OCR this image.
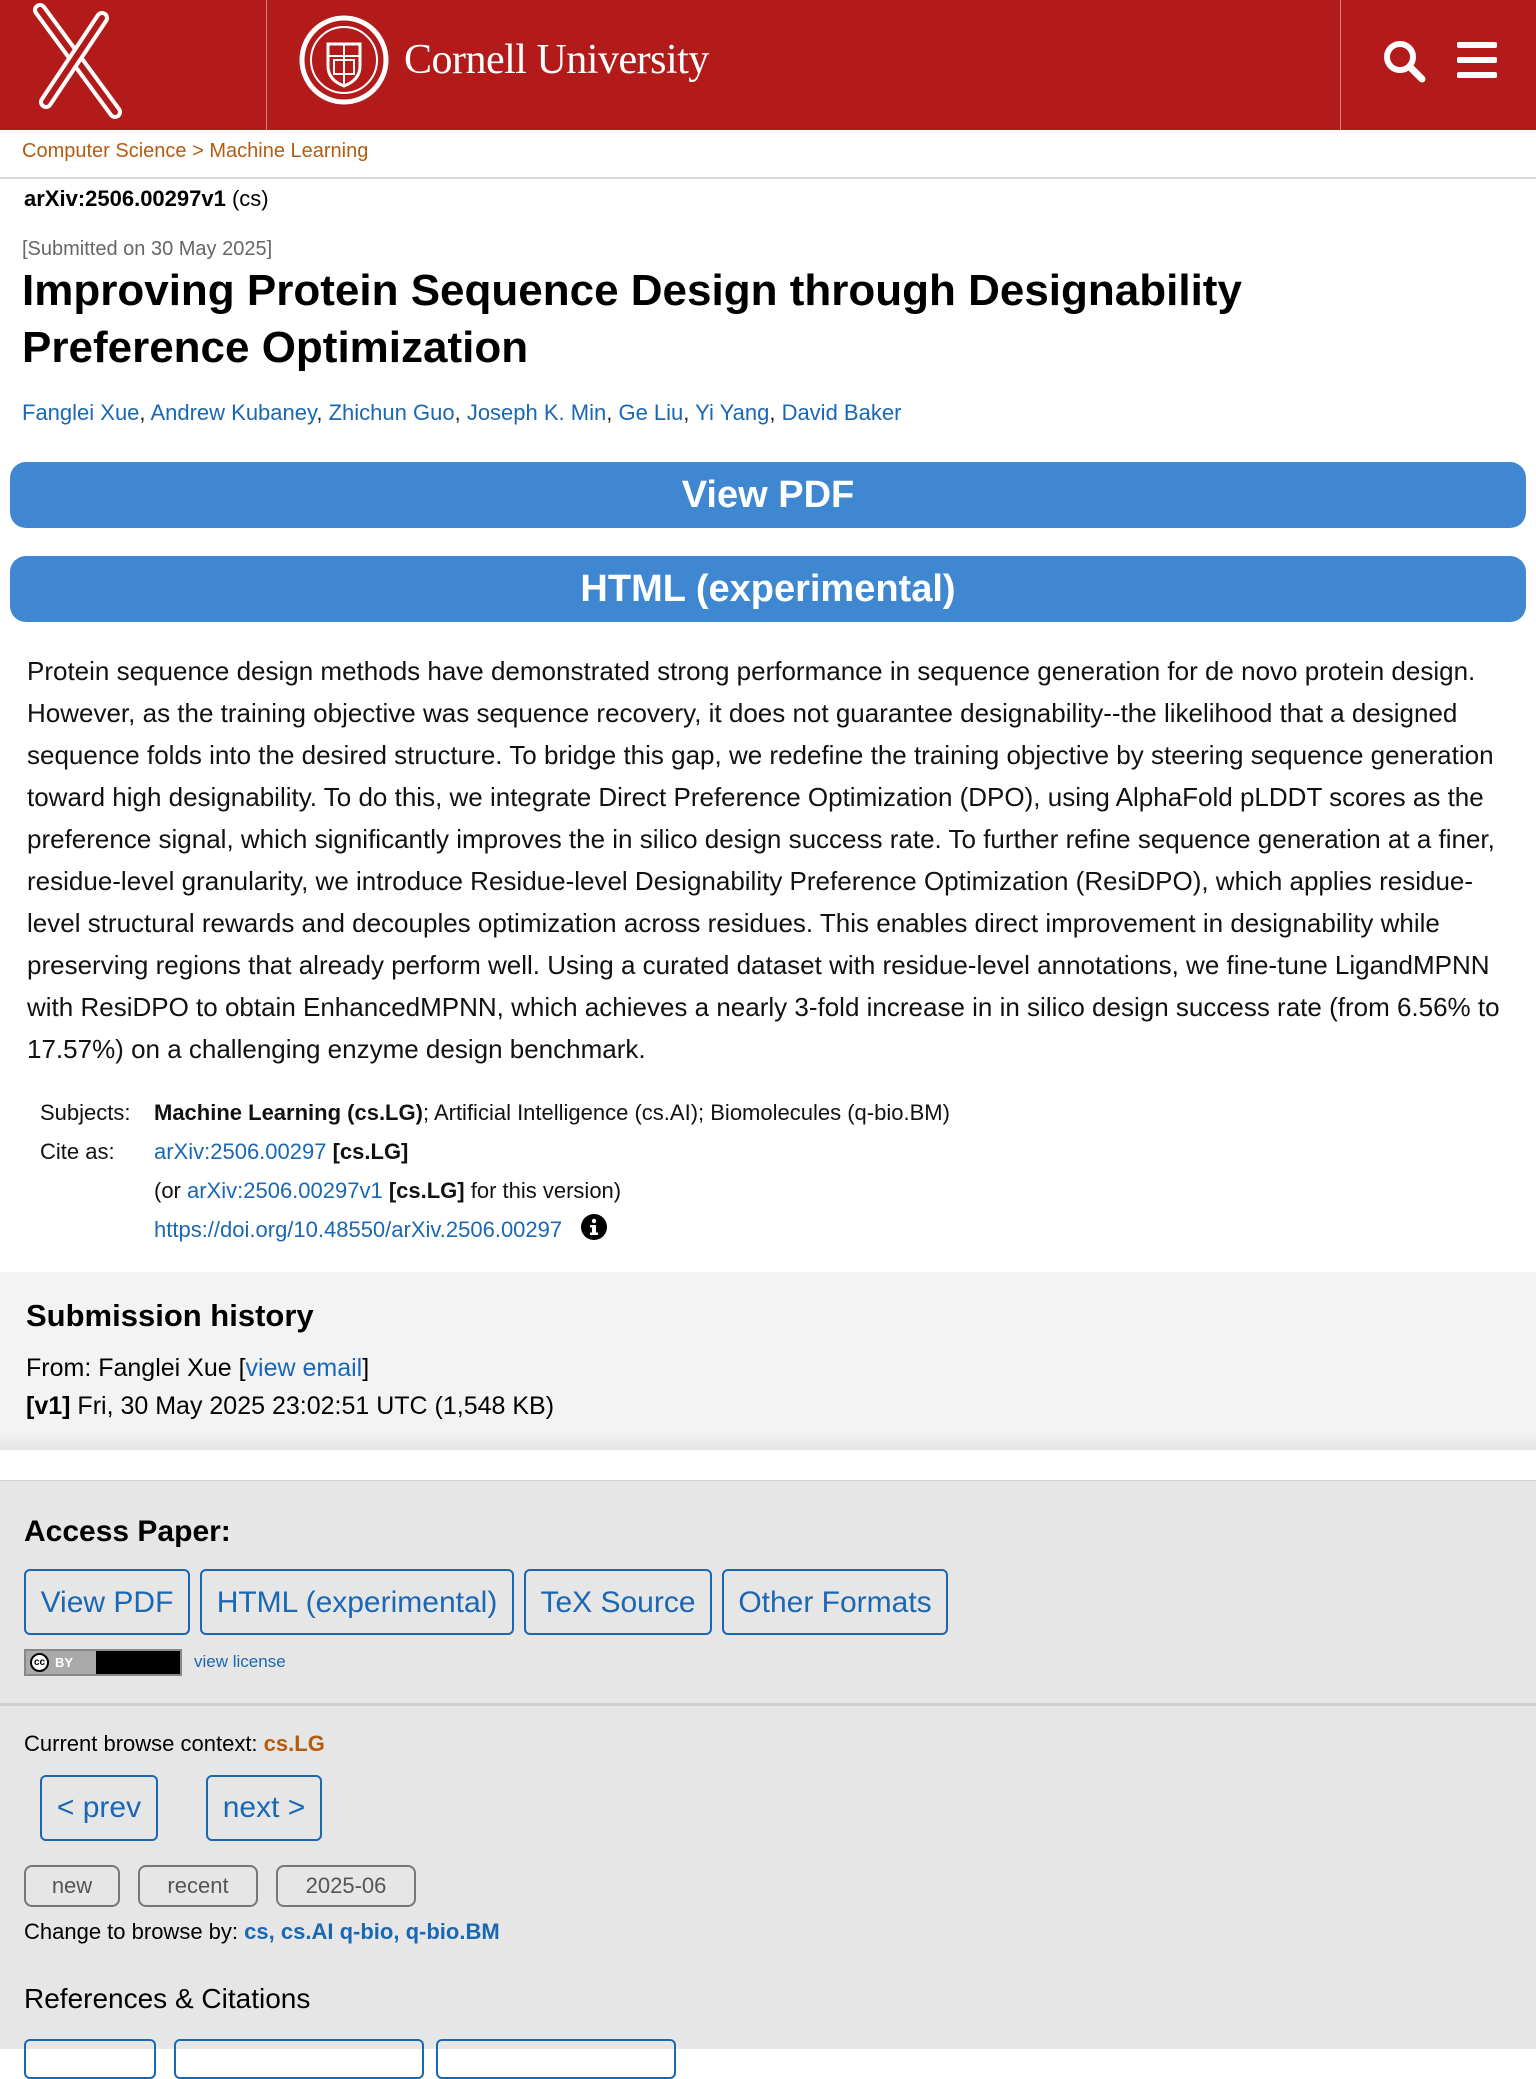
Cornell University
Computer Science > Machine Learning
arXiv:2506.00297v1 (cs)
[Submitted on 30 May 2025]
Improving Protein Sequence Design through Designability Preference Optimization
Fanglei Xue, Andrew Kubaney, Zhichun Guo, Joseph K. Min, Ge Liu, Yi Yang, David Baker
View PDF
HTML (experimental)

Protein sequence design methods have demonstrated strong performance in sequence generation for de novo protein design. However, as the training objective was sequence recovery, it does not guarantee designability--the likelihood that a designed sequence folds into the desired structure. To bridge this gap, we redefine the training objective by steering sequence generation toward high designability. To do this, we integrate Direct Preference Optimization (DPO), using AlphaFold pLDDT scores as the preference signal, which significantly improves the in silico design success rate. To further refine sequence generation at a finer, residue-level granularity, we introduce Residue-level Designability Preference Optimization (ResiDPO), which applies residue-level structural rewards and decouples optimization across residues. This enables direct improvement in designability while preserving regions that already perform well. Using a curated dataset with residue-level annotations, we fine-tune LigandMPNN with ResiDPO to obtain EnhancedMPNN, which achieves a nearly 3-fold increase in in silico design success rate (from 6.56% to 17.57%) on a challenging enzyme design benchmark.

Subjects:	Machine Learning (cs.LG); Artificial Intelligence (cs.AI); Biomolecules (q-bio.BM)
Cite as:	arXiv:2506.00297 [cs.LG]
(or arXiv:2506.00297v1 [cs.LG] for this version)
https://doi.org/10.48550/arXiv.2506.00297
Submission history
From: Fanglei Xue [view email]
[v1] Fri, 30 May 2025 23:02:51 UTC (1,548 KB)
Access Paper:
View PDF	HTML (experimental)	TeX Source	Other Formats
cc BY	view license
Current browse context: cs.LG
< prev	next >
new	recent	2025-06
Change to browse by: cs, cs.AI q-bio, q-bio.BM
References & Citations
